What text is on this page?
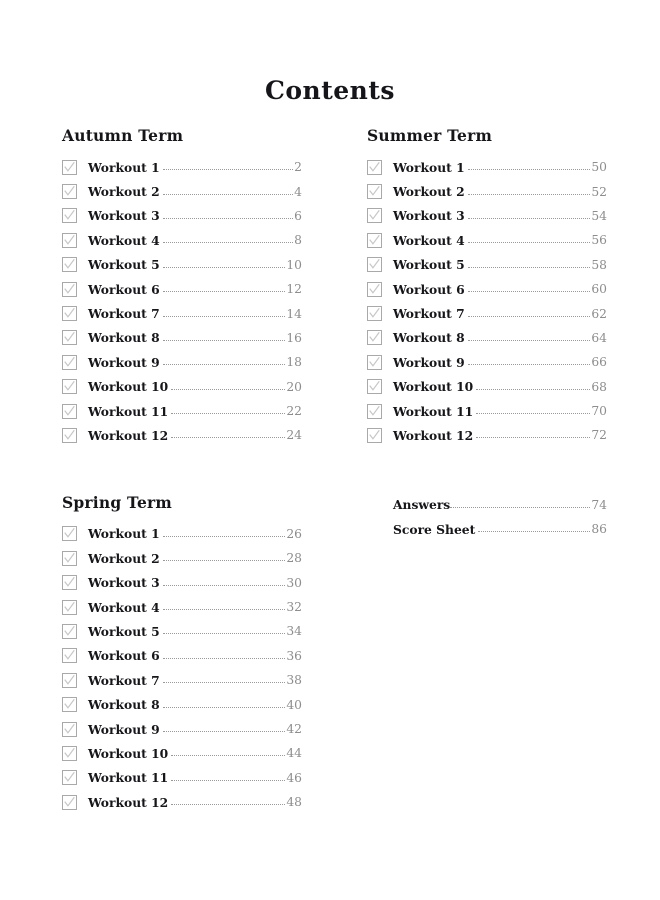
Contents
Autumn Term
Workout 1	2
Workout 2	4
Workout 3	6
Workout 4	8
Workout 5	10
Workout 6	12
Workout 7	14
Workout 8	16
Workout 9	18
Workout 10	20
Workout 11	22
Workout 12	24
Spring Term
Workout 1	26
Workout 2	28
Workout 3	30
Workout 4	32
Workout 5	34
Workout 6	36
Workout 7	38
Workout 8	40
Workout 9	42
Workout 10	44
Workout 11	46
Workout 12	48
Summer Term
Workout 1	50
Workout 2	52
Workout 3	54
Workout 4	56
Workout 5	58
Workout 6	60
Workout 7	62
Workout 8	64
Workout 9	66
Workout 10	68
Workout 11	70
Workout 12	72
Answers	74
Score Sheet	86
